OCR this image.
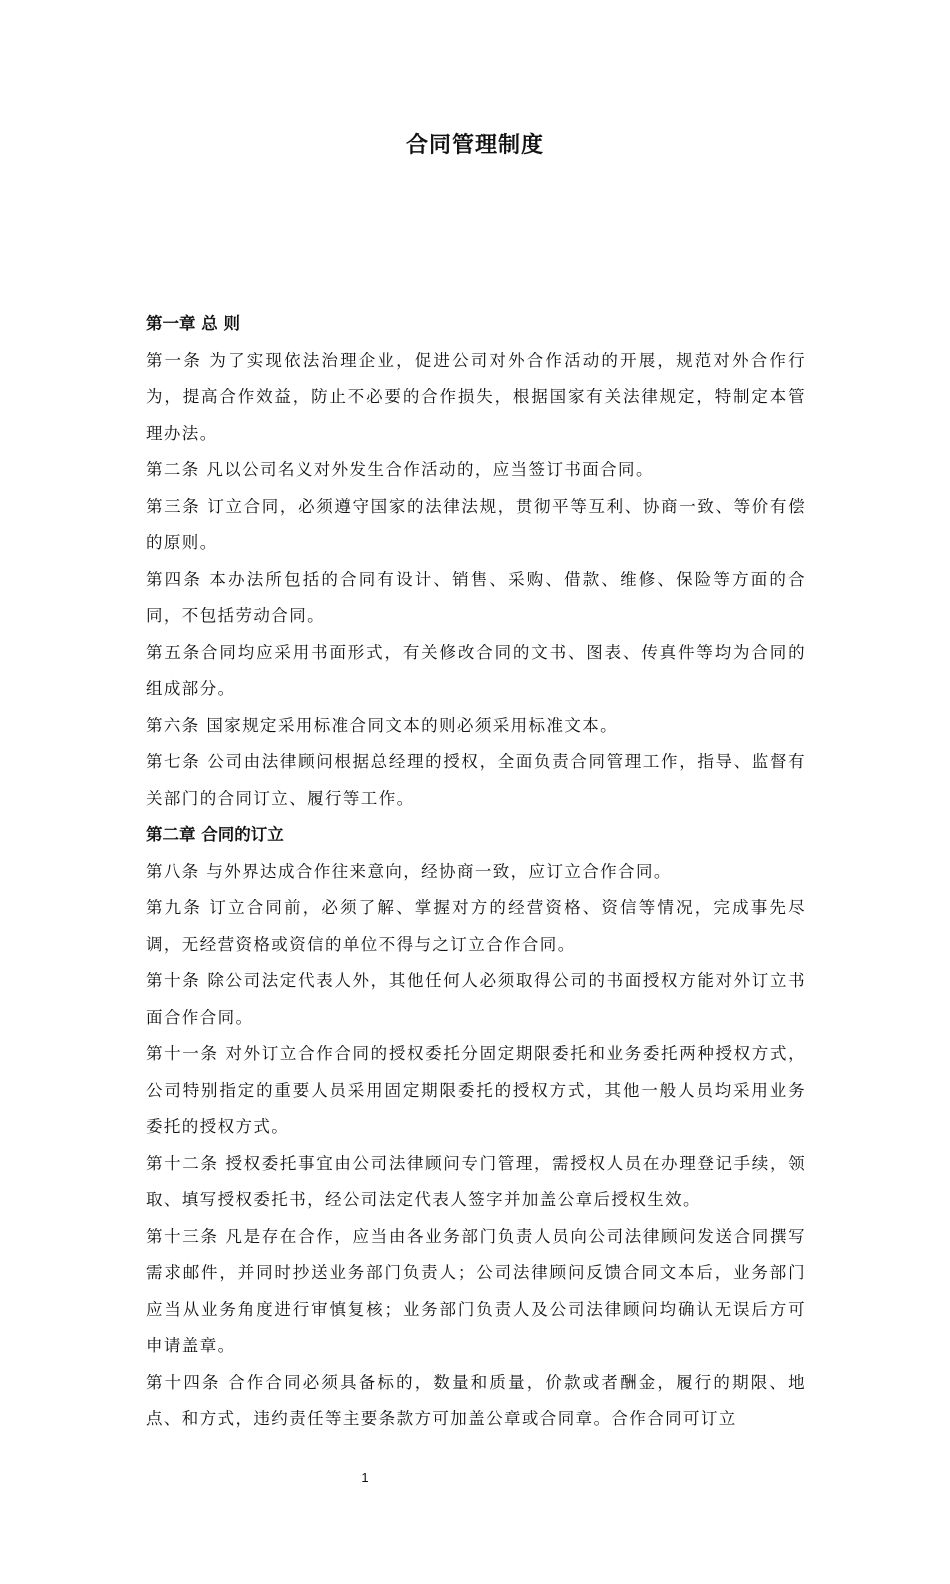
合同管理制度

第一章 总 则

第一条 为了实现依法治理企业，促进公司对外合作活动的开展，规范对外合作行为，提高合作效益，防止不必要的合作损失，根据国家有关法律规定，特制定本管理办法。

第二条 凡以公司名义对外发生合作活动的，应当签订书面合同。

第三条 订立合同，必须遵守国家的法律法规，贯彻平等互利、协商一致、等价有偿的原则。

第四条 本办法所包括的合同有设计、销售、采购、借款、维修、保险等方面的合同，不包括劳动合同。

第五条合同均应采用书面形式，有关修改合同的文书、图表、传真件等均为合同的组成部分。

第六条 国家规定采用标准合同文本的则必须采用标准文本。

第七条 公司由法律顾问根据总经理的授权，全面负责合同管理工作，指导、监督有关部门的合同订立、履行等工作。

第二章 合同的订立

第八条 与外界达成合作往来意向，经协商一致，应订立合作合同。

第九条 订立合同前，必须了解、掌握对方的经营资格、资信等情况，完成事先尽调，无经营资格或资信的单位不得与之订立合作合同。

第十条 除公司法定代表人外，其他任何人必须取得公司的书面授权方能对外订立书面合作合同。

第十一条 对外订立合作合同的授权委托分固定期限委托和业务委托两种授权方式，公司特别指定的重要人员采用固定期限委托的授权方式，其他一般人员均采用业务委托的授权方式。

第十二条 授权委托事宜由公司法律顾问专门管理，需授权人员在办理登记手续，领取、填写授权委托书，经公司法定代表人签字并加盖公章后授权生效。

第十三条 凡是存在合作，应当由各业务部门负责人员向公司法律顾问发送合同撰写需求邮件，并同时抄送业务部门负责人；公司法律顾问反馈合同文本后，业务部门应当从业务角度进行审慎复核；业务部门负责人及公司法律顾问均确认无误后方可申请盖章。

第十四条 合作合同必须具备标的，数量和质量，价款或者酬金，履行的期限、地点、和方式，违约责任等主要条款方可加盖公章或合同章。合作合同可订立

1
